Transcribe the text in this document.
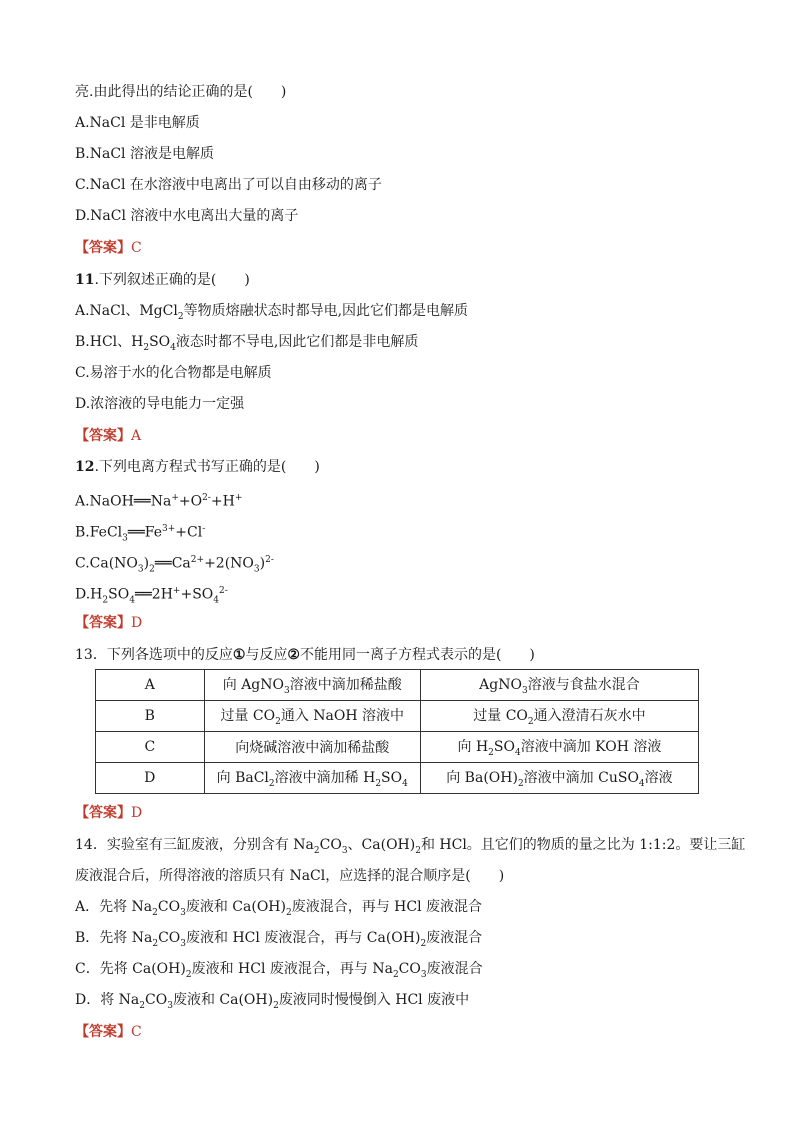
亮.由此得出的结论正确的是(　　)
A.NaCl 是非电解质
B.NaCl 溶液是电解质
C.NaCl 在水溶液中电离出了可以自由移动的离子
D.NaCl 溶液中水电离出大量的离子
【答案】C
11.下列叙述正确的是(　　)
A.NaCl、MgCl$_2$等物质熔融状态时都导电,因此它们都是电解质
B.HCl、$H_2SO_4$液态时都不导电,因此它们都是非电解质
C.易溶于水的化合物都是电解质
D.浓溶液的导电能力一定强
【答案】A
12.下列电离方程式书写正确的是(　　)
$A.NaOH══Na^++O^{2-}+H^+$
$B.FeCl_3══Fe^{3+}+Cl^-$
$C.Ca(NO_3)_2══Ca^{2+}+2(NO_3)^{2-}$
$D.H_2SO_4══2H^++SO_4^{2-}$
【答案】D
13．下列各选项中的反应①与反应②不能用同一离子方程式表示的是(　　)
【答案】D
14．实验室有三缸废液，分别含有 $Na_2CO_3$、$Ca(OH)_2$和 HCl。且它们的物质的量之比为 1:1:2。要让三缸
废液混合后，所得溶液的溶质只有 NaCl，应选择的混合顺序是(　　)
A．先将 $Na_2CO_3$废液和 $Ca(OH)_2$废液混合，再与 HCl 废液混合
B．先将 $Na_2CO_3$废液和 HCl 废液混合，再与 $Ca(OH)_2$废液混合
C．先将 $Ca(OH)_2$废液和 HCl 废液混合，再与 $Na_2CO_3$废液混合
D．将 $Na_2CO_3$废液和 $Ca(OH)_2$废液同时慢慢倒入 HCl 废液中
【答案】C
A	向 AgNO$_3$溶液中滴加稀盐酸	AgNO$_3$溶液与食盐水混合
B	过量 $CO_2$通入 NaOH 溶液中	过量 $CO_2$通入澄清石灰水中
C	向烧碱溶液中滴加稀盐酸	向 $H_2SO_4$溶液中滴加 KOH 溶液
D	向 BaCl$_2$溶液中滴加稀 $H_2SO_4$	向 $Ba(OH)_2$溶液中滴加 CuSO$_4$溶液
